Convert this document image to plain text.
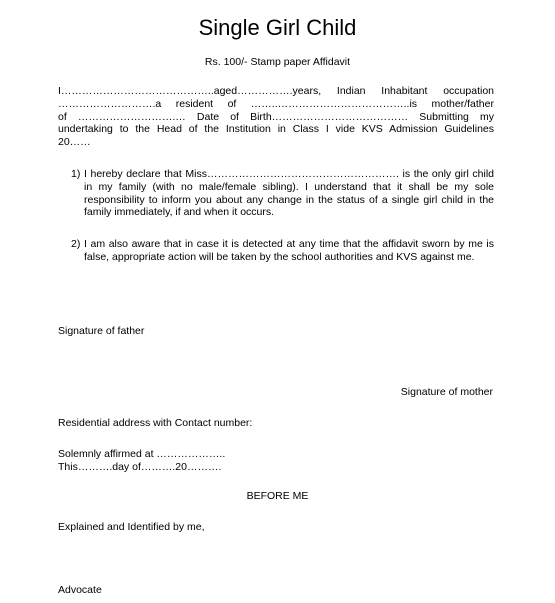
Single Girl Child
Rs. 100/- Stamp paper Affidavit
I……………………………………..aged…………….years, Indian Inhabitant occupation
……………………….a resident of ……..………………………………..is mother/father
of ……………………….… Date of Birth………………………………… Submitting my
undertaking to the Head of the Institution in Class I vide KVS Admission Guidelines
20……
1) I hereby declare that Miss………………………………………………. is the only girl child in my family (with no male/female sibling). I understand that it shall be my sole responsibility to inform you about any change in the status of a single girl child in the family immediately, if and when it occurs.
2) I am also aware that in case it is detected at any time that the affidavit sworn by me is false, appropriate action will be taken by the school authorities and KVS against me.
Signature of father
Signature of mother
Residential address with Contact number:
Solemnly affirmed at ………………..
This……….day of……….20……….
BEFORE ME
Explained and Identified by me,
Advocate
